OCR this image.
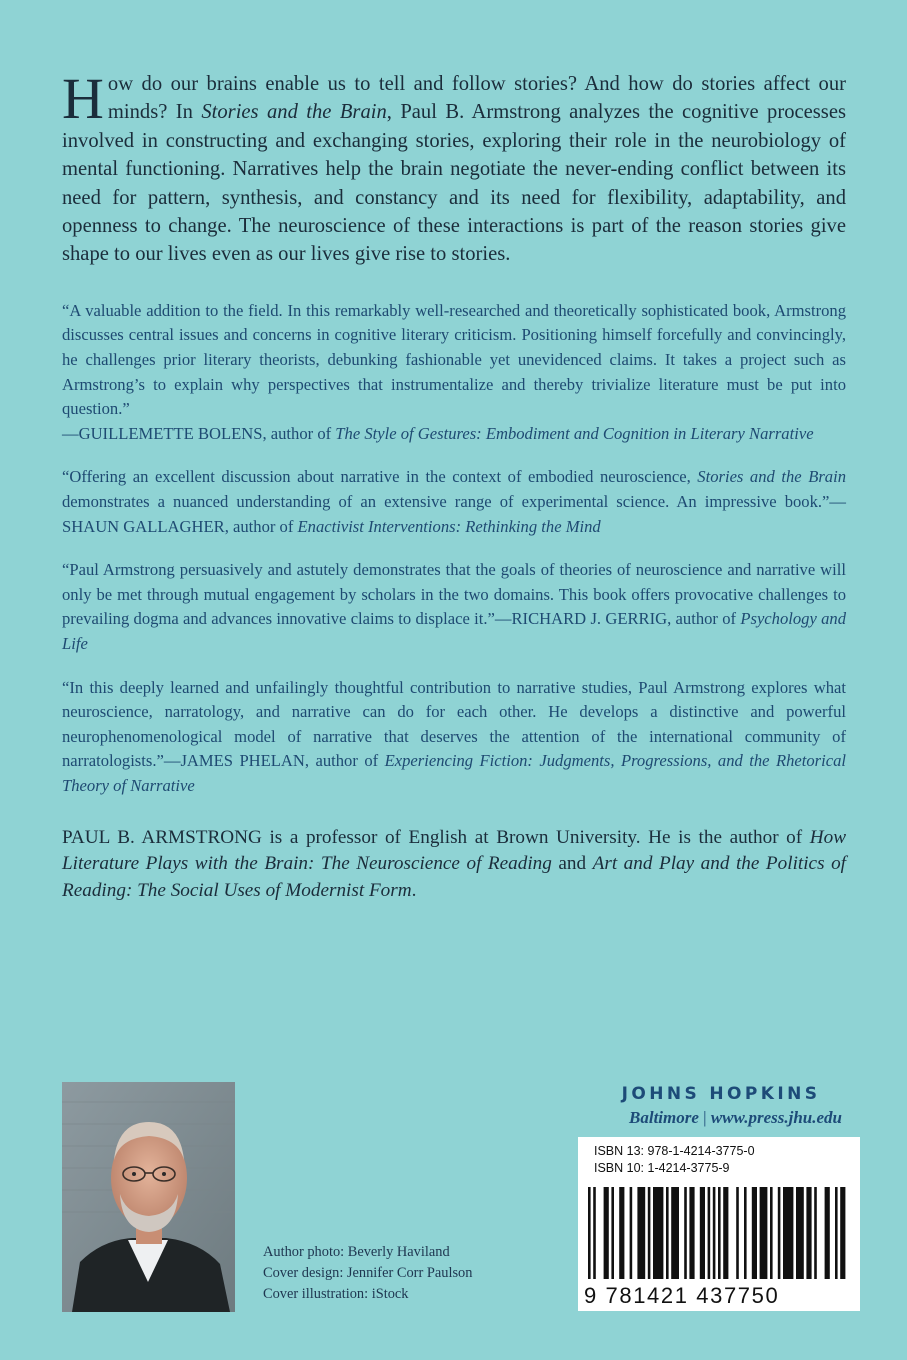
How do our brains enable us to tell and follow stories? And how do stories affect our minds? In Stories and the Brain, Paul B. Armstrong analyzes the cognitive processes involved in constructing and exchanging stories, exploring their role in the neurobiology of mental functioning. Narratives help the brain negotiate the never-ending conflict between its need for pattern, synthesis, and constancy and its need for flexibility, adaptability, and openness to change. The neuroscience of these interactions is part of the reason stories give shape to our lives even as our lives give rise to stories.

“A valuable addition to the field. In this remarkably well-researched and theoretically sophisticated book, Armstrong discusses central issues and concerns in cognitive literary criticism. Positioning himself forcefully and convincingly, he challenges prior literary theorists, debunking fashionable yet unevidenced claims. It takes a project such as Armstrong’s to explain why perspectives that instrumentalize and thereby trivialize literature must be put into question.”
—GUILLEMETTE BOLENS, author of The Style of Gestures: Embodiment and Cognition in Literary Narrative

“Offering an excellent discussion about narrative in the context of embodied neuroscience, Stories and the Brain demonstrates a nuanced understanding of an extensive range of experimental science. An impressive book.”—SHAUN GALLAGHER, author of Enactivist Interventions: Rethinking the Mind

“Paul Armstrong persuasively and astutely demonstrates that the goals of theories of neuroscience and narrative will only be met through mutual engagement by scholars in the two domains. This book offers provocative challenges to prevailing dogma and advances innovative claims to displace it.”—RICHARD J. GERRIG, author of Psychology and Life

“In this deeply learned and unfailingly thoughtful contribution to narrative studies, Paul Armstrong explores what neuroscience, narratology, and narrative can do for each other. He develops a distinctive and powerful neurophenomenological model of narrative that deserves the attention of the international community of narratologists.”—JAMES PHELAN, author of Experiencing Fiction: Judgments, Progressions, and the Rhetorical Theory of Narrative

PAUL B. ARMSTRONG is a professor of English at Brown University. He is the author of How Literature Plays with the Brain: The Neuroscience of Reading and Art and Play and the Politics of Reading: The Social Uses of Modernist Form.

Author photo: Beverly Haviland
Cover design: Jennifer Corr Paulson
Cover illustration: iStock
JOHNS HOPKINS
Baltimore | www.press.jhu.edu
ISBN 13: 978-1-4214-3775-0
ISBN 10: 1-4214-3775-9
9 781421 437750
